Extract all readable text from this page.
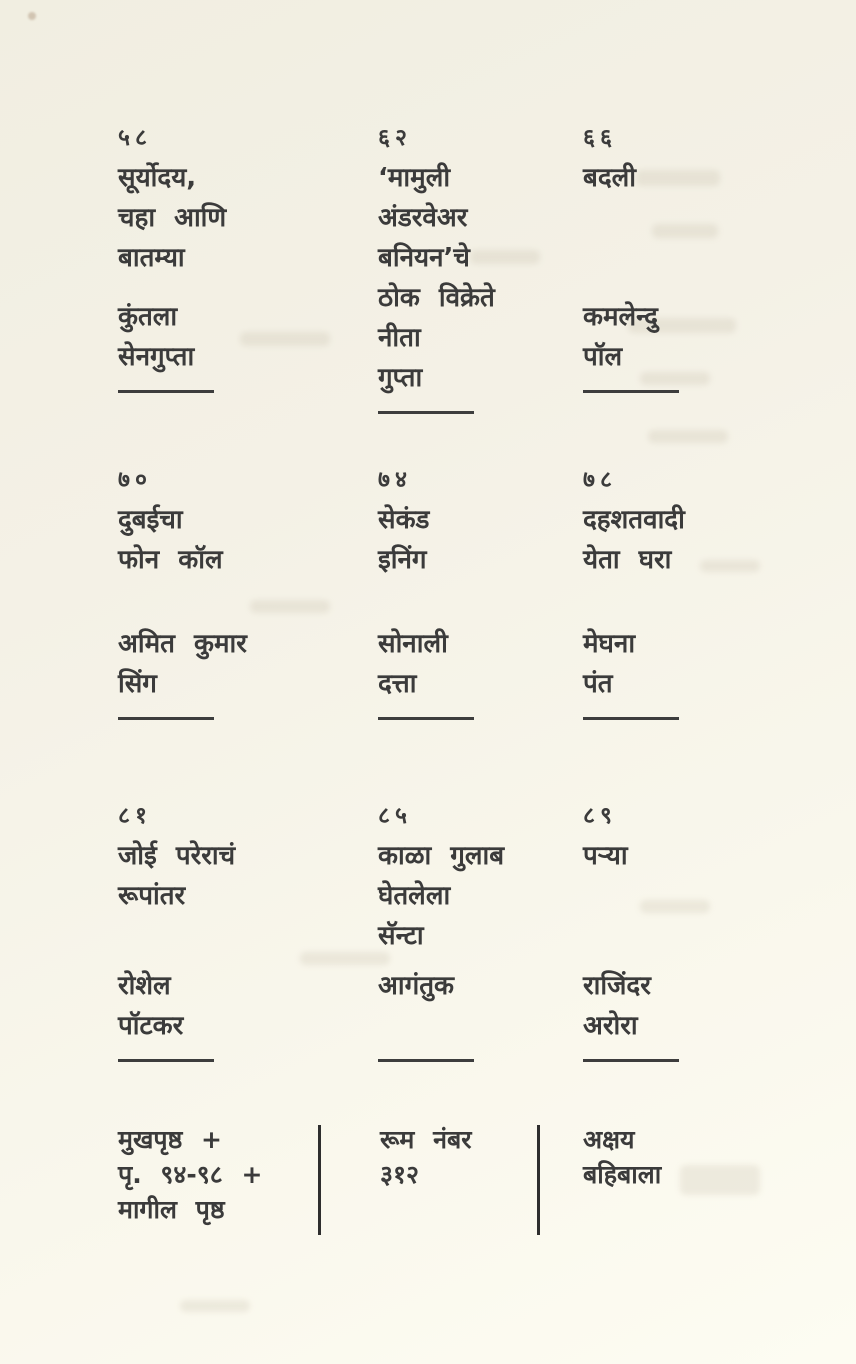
५८
सूर्योदय,
चहा आणि
बातम्या
कुंतला
सेनगुप्ता
६२
‘मामुली
अंडरवेअर
बनियन’चे
ठोक विक्रेते
नीता
गुप्ता
६६
बदली
कमलेन्दु
पॉल
७०
दुबईचा
फोन कॉल
अमित कुमार
सिंग
७४
सेकंड
इनिंग
सोनाली
दत्ता
७८
दहशतवादी
येता घरा
मेघना
पंत
८१
जोई परेराचं
रूपांतर
रोशेल
पॉटकर
८५
काळा गुलाब
घेतलेला
सॅन्टा
आगंतुक
८९
पऱ्या
राजिंदर
अरोरा
मुखपृष्ठ +
पृ. ९४-९८ +
मागील पृष्ठ
रूम नंबर
३१२
अक्षय
बहिबाला
